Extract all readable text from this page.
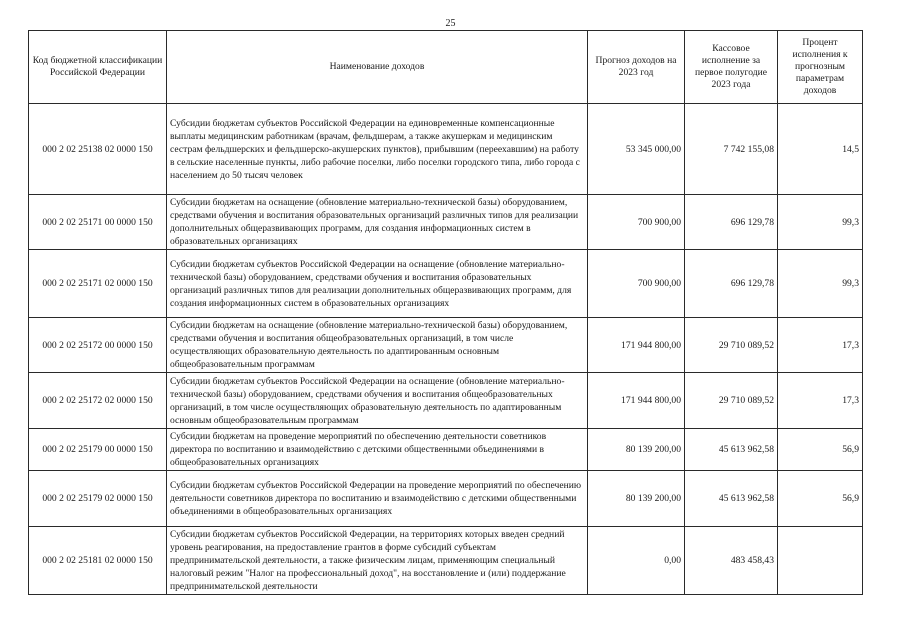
25
Код бюджетной классификации Российской Федерации	Наименование доходов	Прогноз доходов на 2023 год	Кассовое исполнение за первое полугодие 2023 года	Процент исполнения к прогнозным параметрам доходов
000 2 02 25138 02 0000 150	Субсидии бюджетам субъектов Российской Федерации на единовременные компенсационные выплаты медицинским работникам (врачам, фельдшерам, а также акушеркам и медицинским сестрам фельдшерских и фельдшерско-акушерских пунктов), прибывшим (переехавшим) на работу в сельские населенные пункты, либо рабочие поселки, либо поселки городского типа, либо города с населением до 50 тысяч человек	53 345 000,00	7 742 155,08	14,5
000 2 02 25171 00 0000 150	Субсидии бюджетам на оснащение (обновление материально-технической базы) оборудованием, средствами обучения и воспитания образовательных организаций различных типов для реализации дополнительных общеразвивающих программ, для создания информационных систем в образовательных организациях	700 900,00	696 129,78	99,3
000 2 02 25171 02 0000 150	Субсидии бюджетам субъектов Российской Федерации на оснащение (обновление материально-технической базы) оборудованием, средствами обучения и воспитания образовательных организаций различных типов для реализации дополнительных общеразвивающих программ, для создания информационных систем в образовательных организациях	700 900,00	696 129,78	99,3
000 2 02 25172 00 0000 150	Субсидии бюджетам на оснащение (обновление материально-технической базы) оборудованием, средствами обучения и воспитания общеобразовательных организаций, в том числе осуществляющих образовательную деятельность по адаптированным основным общеобразовательным программам	171 944 800,00	29 710 089,52	17,3
000 2 02 25172 02 0000 150	Субсидии бюджетам субъектов Российской Федерации на оснащение (обновление материально-технической базы) оборудованием, средствами обучения и воспитания общеобразовательных организаций, в том числе осуществляющих образовательную деятельность по адаптированным основным общеобразовательным программам	171 944 800,00	29 710 089,52	17,3
000 2 02 25179 00 0000 150	Субсидии бюджетам на проведение мероприятий по обеспечению деятельности советников директора по воспитанию и взаимодействию с детскими общественными объединениями в общеобразовательных организациях	80 139 200,00	45 613 962,58	56,9
000 2 02 25179 02 0000 150	Субсидии бюджетам субъектов Российской Федерации на проведение мероприятий по обеспечению деятельности советников директора по воспитанию и взаимодействию с детскими общественными объединениями в общеобразовательных организациях	80 139 200,00	45 613 962,58	56,9
000 2 02 25181 02 0000 150	Субсидии бюджетам субъектов Российской Федерации, на территориях которых введен средний уровень реагирования, на предоставление грантов в форме субсидий субъектам предпринимательской деятельности, а также физическим лицам, применяющим специальный налоговый режим "Налог на профессиональный доход", на восстановление и (или) поддержание предпринимательской деятельности	0,00	483 458,43	
